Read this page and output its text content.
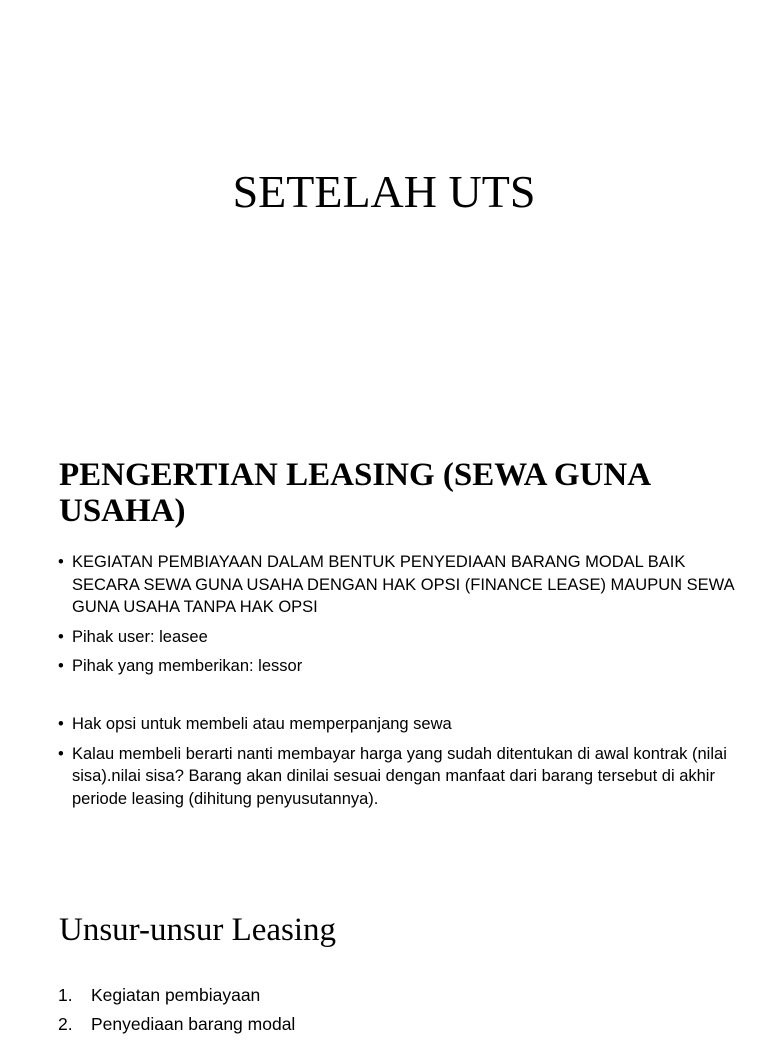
SETELAH UTS
PENGERTIAN LEASING (SEWA GUNA USAHA)
• KEGIATAN PEMBIAYAAN DALAM BENTUK PENYEDIAAN BARANG MODAL BAIK SECARA SEWA GUNA USAHA DENGAN HAK OPSI (FINANCE LEASE) MAUPUN SEWA GUNA USAHA TANPA HAK OPSI
• Pihak user: leasee
• Pihak yang memberikan: lessor
• Hak opsi untuk membeli atau memperpanjang sewa
• Kalau membeli berarti nanti membayar harga yang sudah ditentukan di awal kontrak (nilai sisa).nilai sisa? Barang akan dinilai sesuai dengan manfaat dari barang tersebut di akhir periode leasing (dihitung penyusutannya).
Unsur-unsur Leasing
1. Kegiatan pembiayaan
2. Penyediaan barang modal
